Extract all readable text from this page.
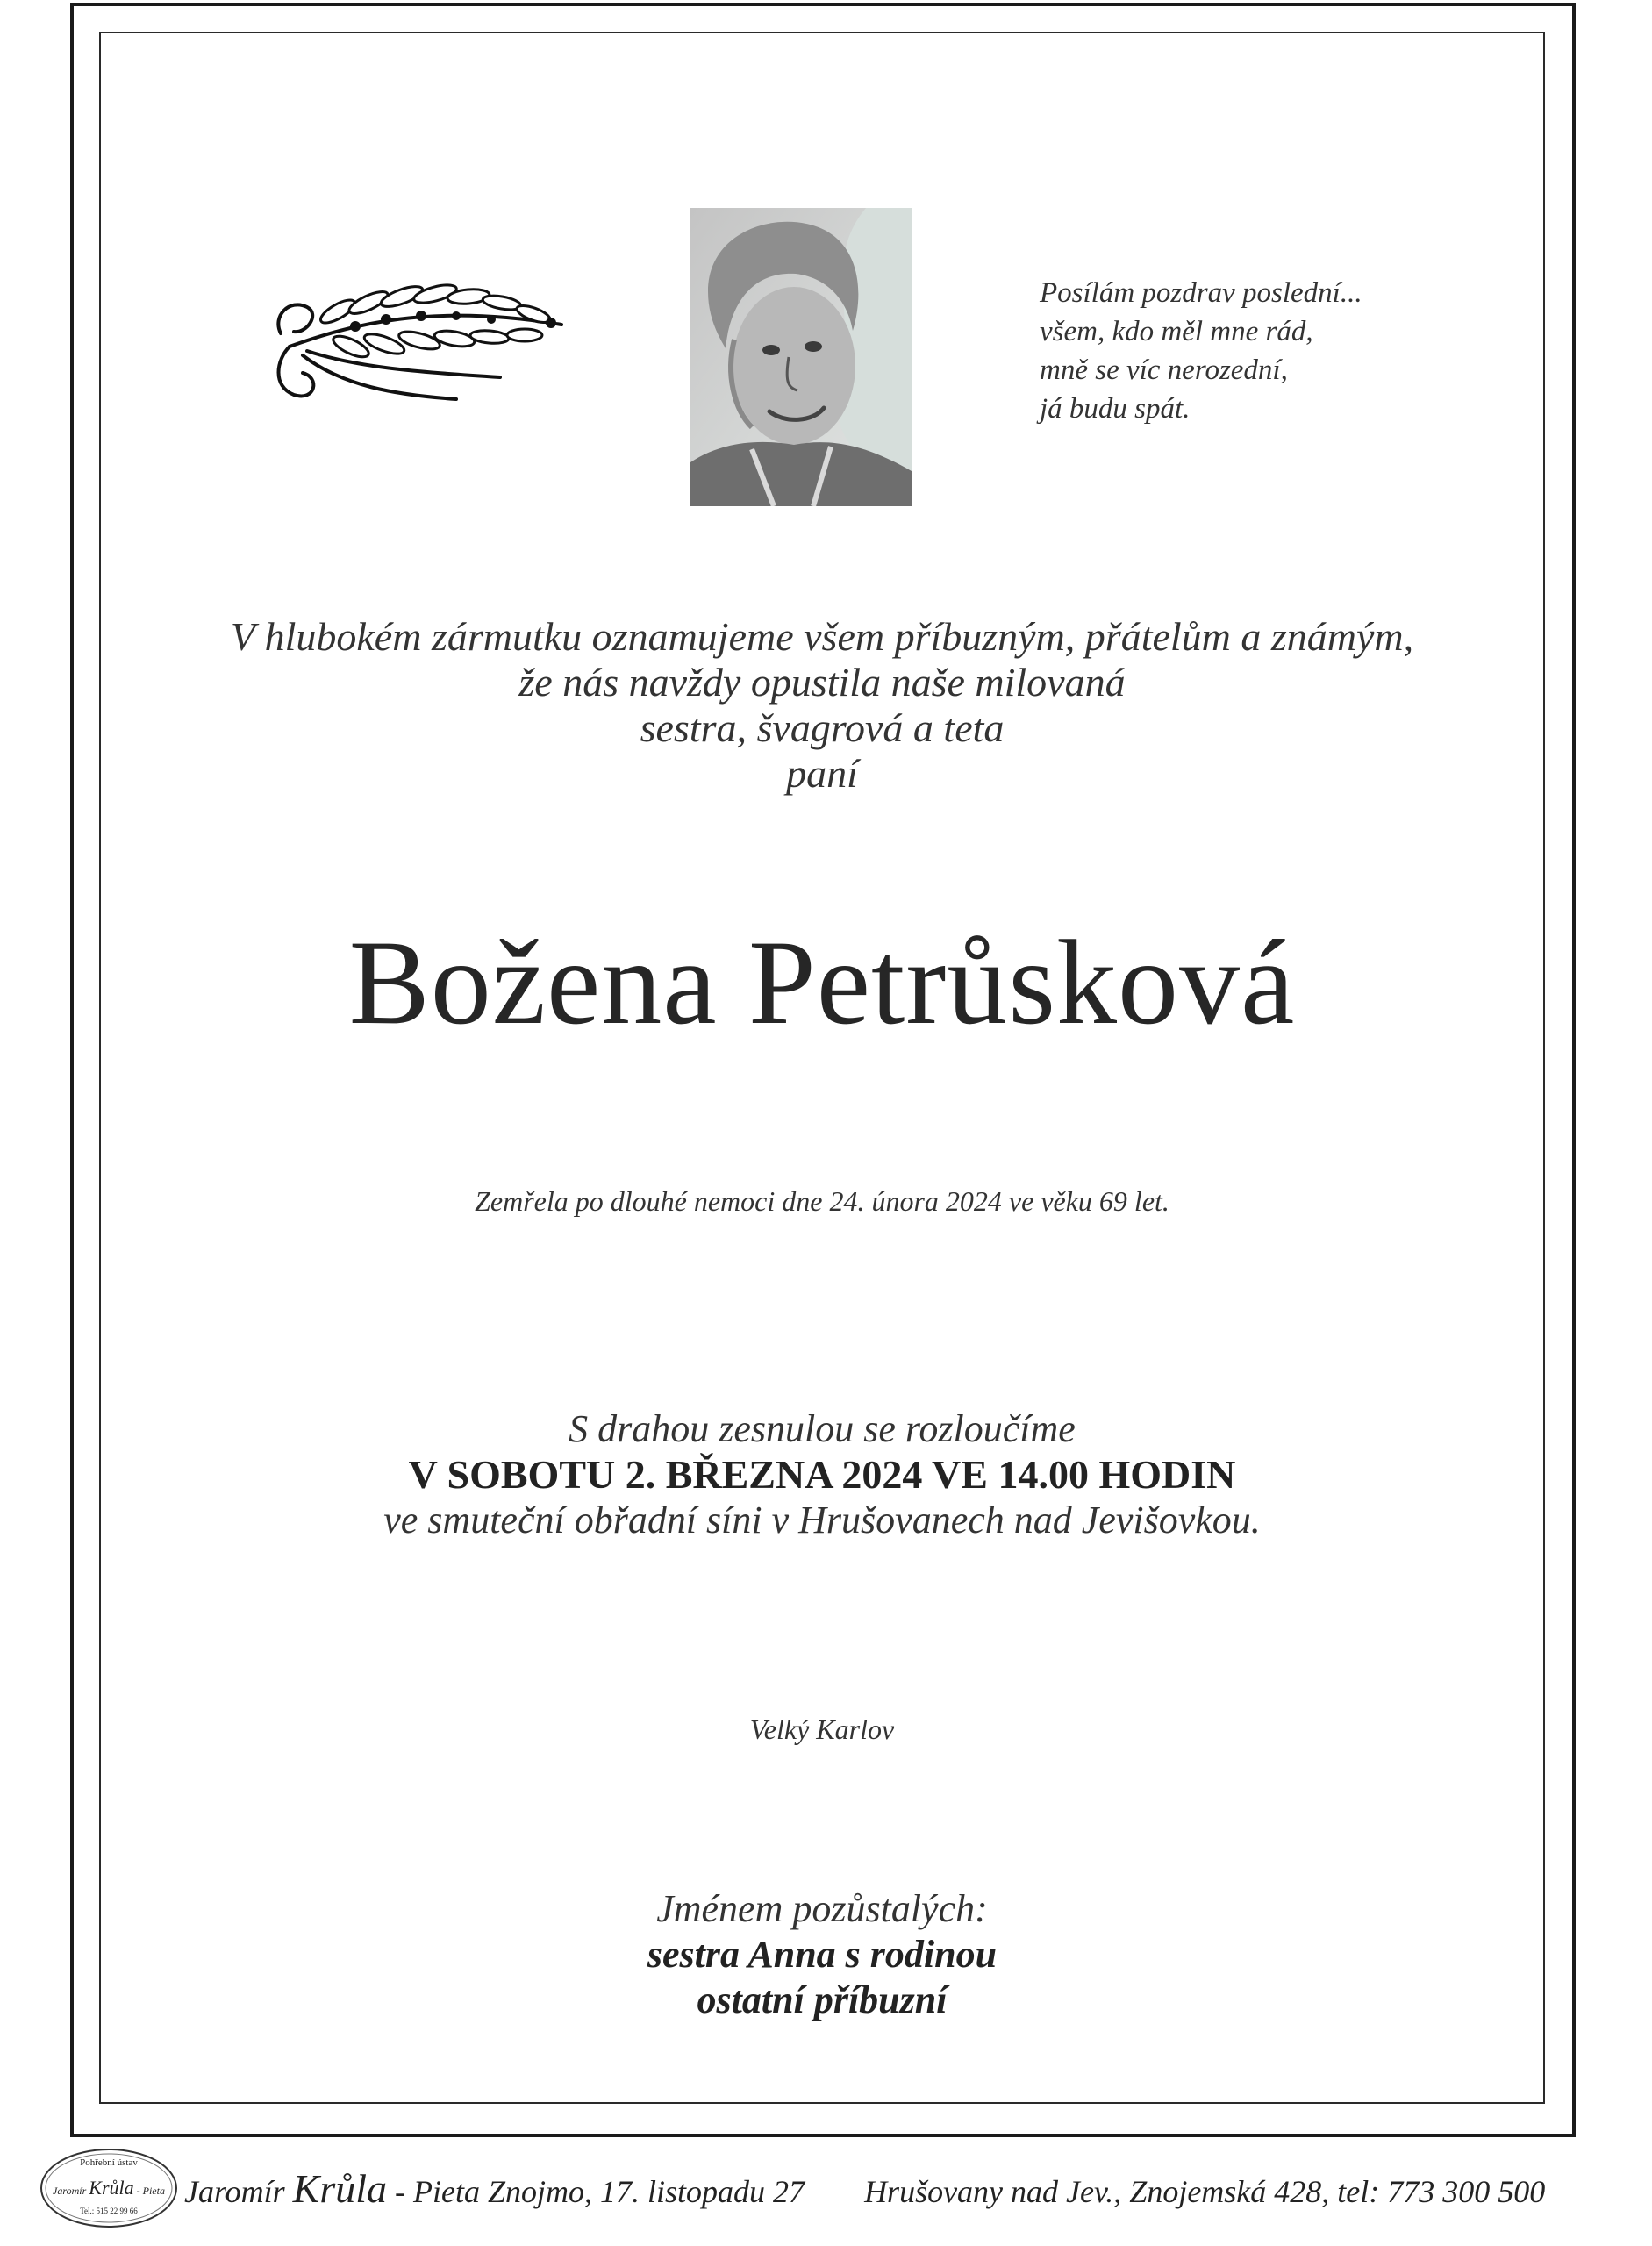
Posílám pozdrav poslední...
všem, kdo měl mne rád,
mně se víc nerozední,
já budu spát.
V hlubokém zármutku oznamujeme všem příbuzným, přátelům a známým,
že nás navždy opustila naše milovaná
sestra, švagrová a teta
paní
Božena Petrůsková
Zemřela po dlouhé nemoci dne 24. února 2024 ve věku 69 let.
S drahou zesnulou se rozloučíme
V SOBOTU 2. BŘEZNA 2024 VE 14.00 HODIN
ve smuteční obřadní síni v Hrušovanech nad Jevišovkou.
Velký Karlov
Jménem pozůstalých:
sestra Anna s rodinou
ostatní příbuzní
Pohřební ústav
Jaromír Krůla - Pieta
Tel.: 515 22 99 66
Jaromír Krůla - Pieta Znojmo, 17. listopadu 27 Hrušovany nad Jev., Znojemská 428, tel: 773 300 500
